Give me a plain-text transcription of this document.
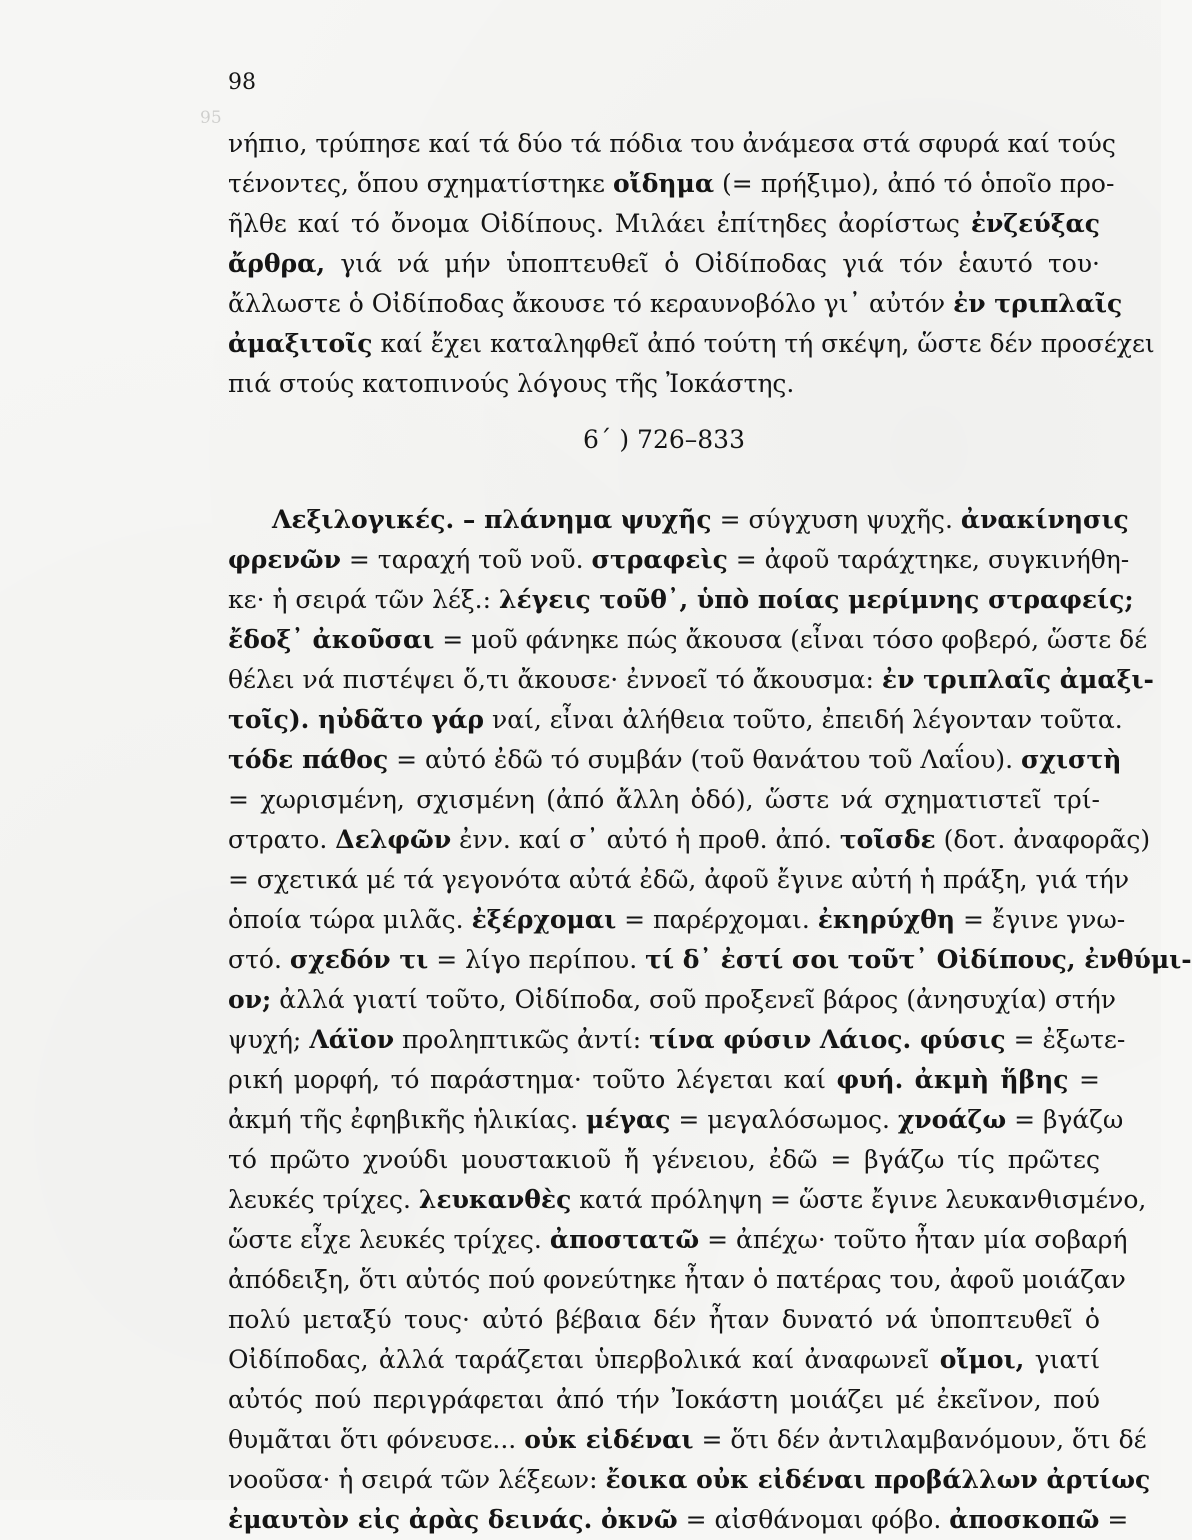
95
98
νήπιο, τρύπησε καί τά δύο τά πόδια του ἀνάμεσα στά σφυρά καί τούς
τένοντες, ὅπου σχηματίστηκε οἴδημα (= πρήξιμο), ἀπό τό ὁποῖο προ-
ῆλθε καί τό ὄνομα Οἰδίπους. Μιλάει ἐπίτηδες ἀορίστως ἐνζεύξας
ἄρθρα, γιά νά μήν ὑποπτευθεῖ ὁ Οἰδίποδας γιά τόν ἑαυτό του·
ἄλλωστε ὁ Οἰδίποδας ἄκουσε τό κεραυνοβόλο γι᾽ αὐτόν ἐν τριπλαῖς
ἀμαξιτοῖς καί ἔχει καταληφθεῖ ἀπό τούτη τή σκέψη, ὥστε δέν προσέχει
πιά στούς κατοπινούς λόγους τῆς Ἰοκάστης.
6΄ ) 726–833
Λεξιλογικές. – πλάνημα ψυχῆς = σύγχυση ψυχῆς. ἀνακίνησις
φρενῶν = ταραχή τοῦ νοῦ. στραφεὶς = ἀφοῦ ταράχτηκε, συγκινήθη-
κε· ἡ σειρά τῶν λέξ.: λέγεις τοῦθ᾽, ὑπὸ ποίας μερίμνης στραφείς;
ἔδοξ᾽ ἀκοῦσαι = μοῦ φάνηκε πώς ἄκουσα (εἶναι τόσο φοβερό, ὥστε δέ
θέλει νά πιστέψει ὅ,τι ἄκουσε· ἐννοεῖ τό ἄκουσμα: ἐν τριπλαῖς ἀμαξι-
τοῖς). ηὐδᾶτο γάρ ναί, εἶναι ἀλήθεια τοῦτο, ἐπειδή λέγονταν τοῦτα.
τόδε πάθος = αὐτό ἐδῶ τό συμβάν (τοῦ θανάτου τοῦ Λαΐου). σχιστὴ
= χωρισμένη, σχισμένη (ἀπό ἄλλη ὁδό), ὥστε νά σχηματιστεῖ τρί-
στρατο. Δελφῶν ἐνν. καί σ᾽ αὐτό ἡ προθ. ἀπό. τοῖσδε (δοτ. ἀναφορᾶς)
= σχετικά μέ τά γεγονότα αὐτά ἐδῶ, ἀφοῦ ἔγινε αὐτή ἡ πράξη, γιά τήν
ὁποία τώρα μιλᾶς. ἐξέρχομαι = παρέρχομαι. ἐκηρύχθη = ἔγινε γνω-
στό. σχεδόν τι = λίγο περίπου. τί δ᾽ ἐστί σοι τοῦτ᾽ Οἰδίπους, ἐνθύμι-
ον; ἀλλά γιατί τοῦτο, Οἰδίποδα, σοῦ προξενεῖ βάρος (ἀνησυχία) στήν
ψυχή; Λάϊον προληπτικῶς ἀντί: τίνα φύσιν Λάιος. φύσις = ἐξωτε-
ρική μορφή, τό παράστημα· τοῦτο λέγεται καί φυή. ἀκμὴ ἥβης =
ἀκμή τῆς ἐφηβικῆς ἡλικίας. μέγας = μεγαλόσωμος. χνοάζω = βγάζω
τό πρῶτο χνούδι μουστακιοῦ ἤ γένειου, ἐδῶ = βγάζω τίς πρῶτες
λευκές τρίχες. λευκανθὲς κατά πρόληψη = ὥστε ἔγινε λευκανθισμένο,
ὥστε εἶχε λευκές τρίχες. ἀποστατῶ = ἀπέχω· τοῦτο ἦταν μία σοβαρή
ἀπόδειξη, ὅτι αὐτός πού φονεύτηκε ἦταν ὁ πατέρας του, ἀφοῦ μοιάζαν
πολύ μεταξύ τους· αὐτό βέβαια δέν ἦταν δυνατό νά ὑποπτευθεῖ ὁ
Οἰδίποδας, ἀλλά ταράζεται ὑπερβολικά καί ἀναφωνεῖ οἴμοι, γιατί
αὐτός πού περιγράφεται ἀπό τήν Ἰοκάστη μοιάζει μέ ἐκεῖνον, πού
θυμᾶται ὅτι φόνευσε... οὐκ εἰδέναι = ὅτι δέν ἀντιλαμβανόμουν, ὅτι δέ
νοοῦσα· ἡ σειρά τῶν λέξεων: ἔοικα οὐκ εἰδέναι προβάλλων ἀρτίως
ἐμαυτὸν εἰς ἀρὰς δεινάς. ὀκνῶ = αἰσθάνομαι φόβο. ἀποσκοπῶ =
